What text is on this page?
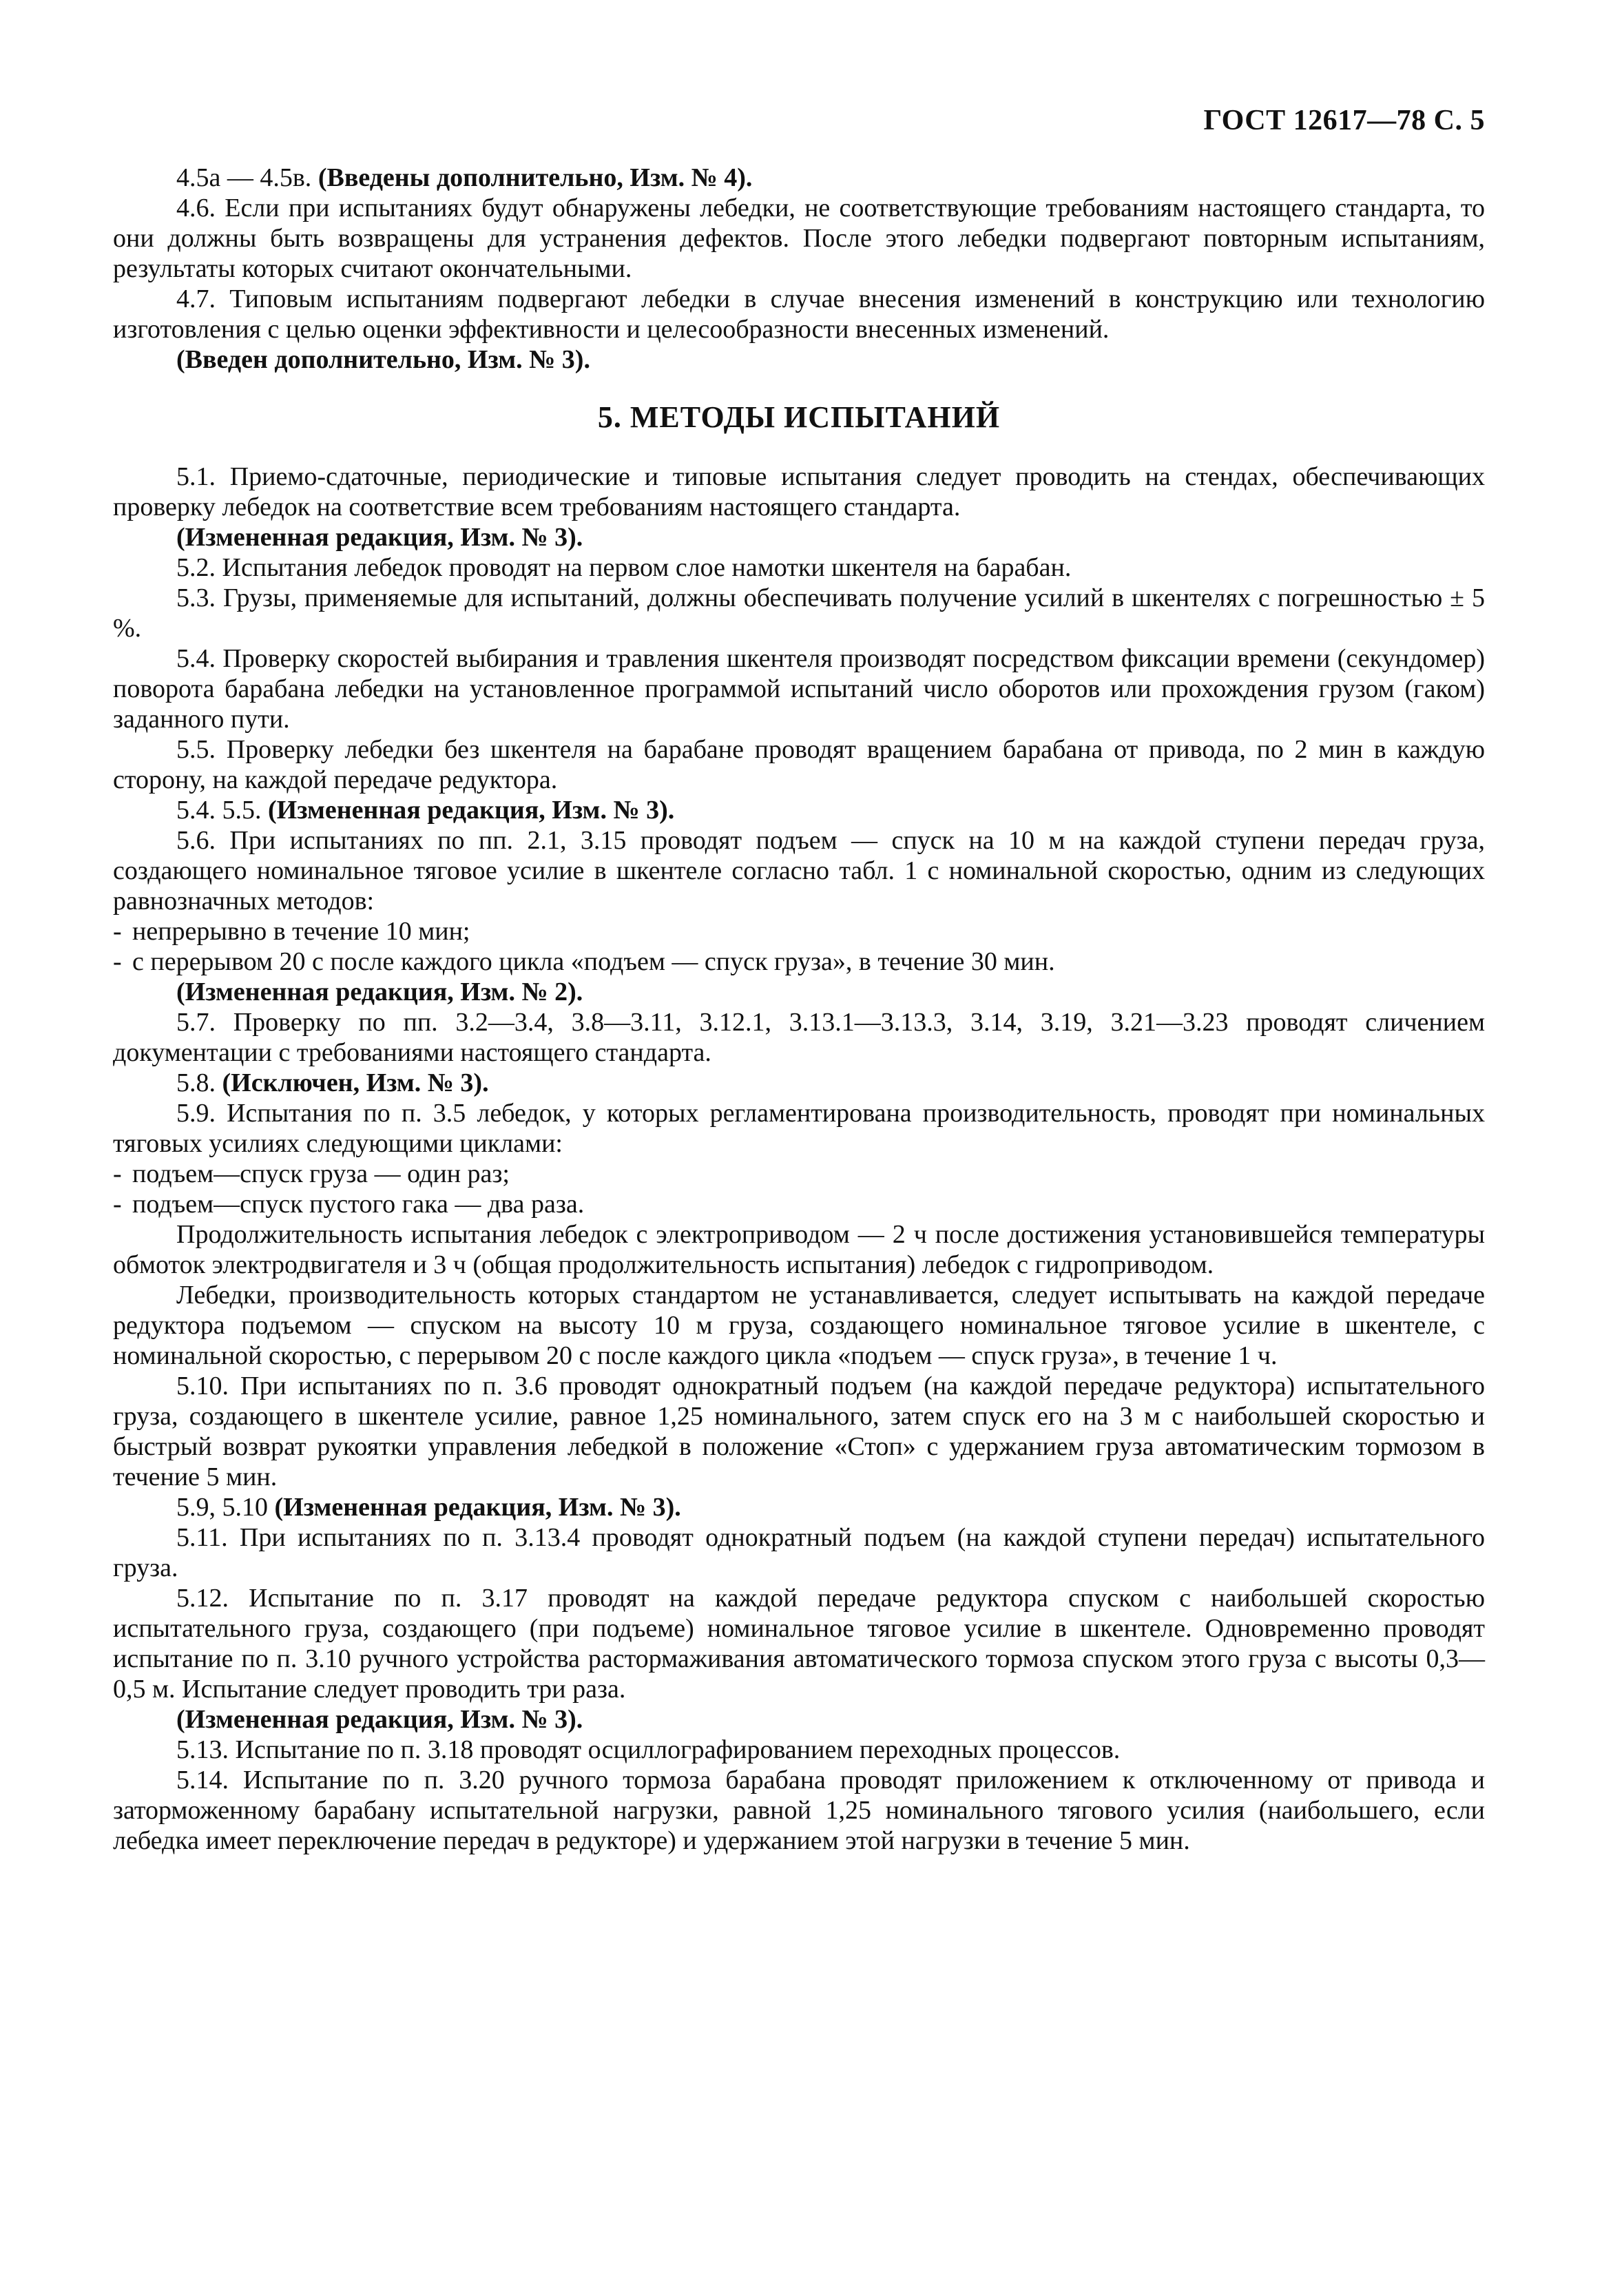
ГОСТ 12617—78 С. 5

4.5а — 4.5в. (Введены дополнительно, Изм. № 4).

4.6. Если при испытаниях будут обнаружены лебедки, не соответствующие требованиям настоящего стандарта, то они должны быть возвращены для устранения дефектов. После этого лебедки подвергают повторным испытаниям, результаты которых считают окончательными.

4.7. Типовым испытаниям подвергают лебедки в случае внесения изменений в конструкцию или технологию изготовления с целью оценки эффективности и целесообразности внесенных изменений.

(Введен дополнительно, Изм. № 3).

5. МЕТОДЫ ИСПЫТАНИЙ

5.1. Приемо-сдаточные, периодические и типовые испытания следует проводить на стендах, обеспечивающих проверку лебедок на соответствие всем требованиям настоящего стандарта.

(Измененная редакция, Изм. № 3).

5.2. Испытания лебедок проводят на первом слое намотки шкентеля на барабан.

5.3. Грузы, применяемые для испытаний, должны обеспечивать получение усилий в шкентелях с погрешностью ± 5 %.

5.4. Проверку скоростей выбирания и травления шкентеля производят посредством фиксации времени (секундомер) поворота барабана лебедки на установленное программой испытаний число оборотов или прохождения грузом (гаком) заданного пути.

5.5. Проверку лебедки без шкентеля на барабане проводят вращением барабана от привода, по 2 мин в каждую сторону, на каждой передаче редуктора.

5.4. 5.5. (Измененная редакция, Изм. № 3).

5.6. При испытаниях по пп. 2.1, 3.15 проводят подъем — спуск на 10 м на каждой ступени передач груза, создающего номинальное тяговое усилие в шкентеле согласно табл. 1 с номинальной скоростью, одним из следующих равнозначных методов:

- непрерывно в течение 10 мин;

- с перерывом 20 с после каждого цикла «подъем — спуск груза», в течение 30 мин.

(Измененная редакция, Изм. № 2).

5.7. Проверку по пп. 3.2—3.4, 3.8—3.11, 3.12.1, 3.13.1—3.13.3, 3.14, 3.19, 3.21—3.23 проводят сличением документации с требованиями настоящего стандарта.

5.8. (Исключен, Изм. № 3).

5.9. Испытания по п. 3.5 лебедок, у которых регламентирована производительность, проводят при номинальных тяговых усилиях следующими циклами:

- подъем—спуск груза — один раз;

- подъем—спуск пустого гака — два раза.

Продолжительность испытания лебедок с электроприводом — 2 ч после достижения установившейся температуры обмоток электродвигателя и 3 ч (общая продолжительность испытания) лебедок с гидроприводом.

Лебедки, производительность которых стандартом не устанавливается, следует испытывать на каждой передаче редуктора подъемом — спуском на высоту 10 м груза, создающего номинальное тяговое усилие в шкентеле, с номинальной скоростью, с перерывом 20 с после каждого цикла «подъем — спуск груза», в течение 1 ч.

5.10. При испытаниях по п. 3.6 проводят однократный подъем (на каждой передаче редуктора) испытательного груза, создающего в шкентеле усилие, равное 1,25 номинального, затем спуск его на 3 м с наибольшей скоростью и быстрый возврат рукоятки управления лебедкой в положение «Стоп» с удержанием груза автоматическим тормозом в течение 5 мин.

5.9, 5.10 (Измененная редакция, Изм. № 3).

5.11. При испытаниях по п. 3.13.4 проводят однократный подъем (на каждой ступени передач) испытательного груза.

5.12. Испытание по п. 3.17 проводят на каждой передаче редуктора спуском с наибольшей скоростью испытательного груза, создающего (при подъеме) номинальное тяговое усилие в шкентеле. Одновременно проводят испытание по п. 3.10 ручного устройства растормаживания автоматического тормоза спуском этого груза с высоты 0,3—0,5 м. Испытание следует проводить три раза.

(Измененная редакция, Изм. № 3).

5.13. Испытание по п. 3.18 проводят осциллографированием переходных процессов.

5.14. Испытание по п. 3.20 ручного тормоза барабана проводят приложением к отключенному от привода и заторможенному барабану испытательной нагрузки, равной 1,25 номинального тягового усилия (наибольшего, если лебедка имеет переключение передач в редукторе) и удержанием этой нагрузки в течение 5 мин.
